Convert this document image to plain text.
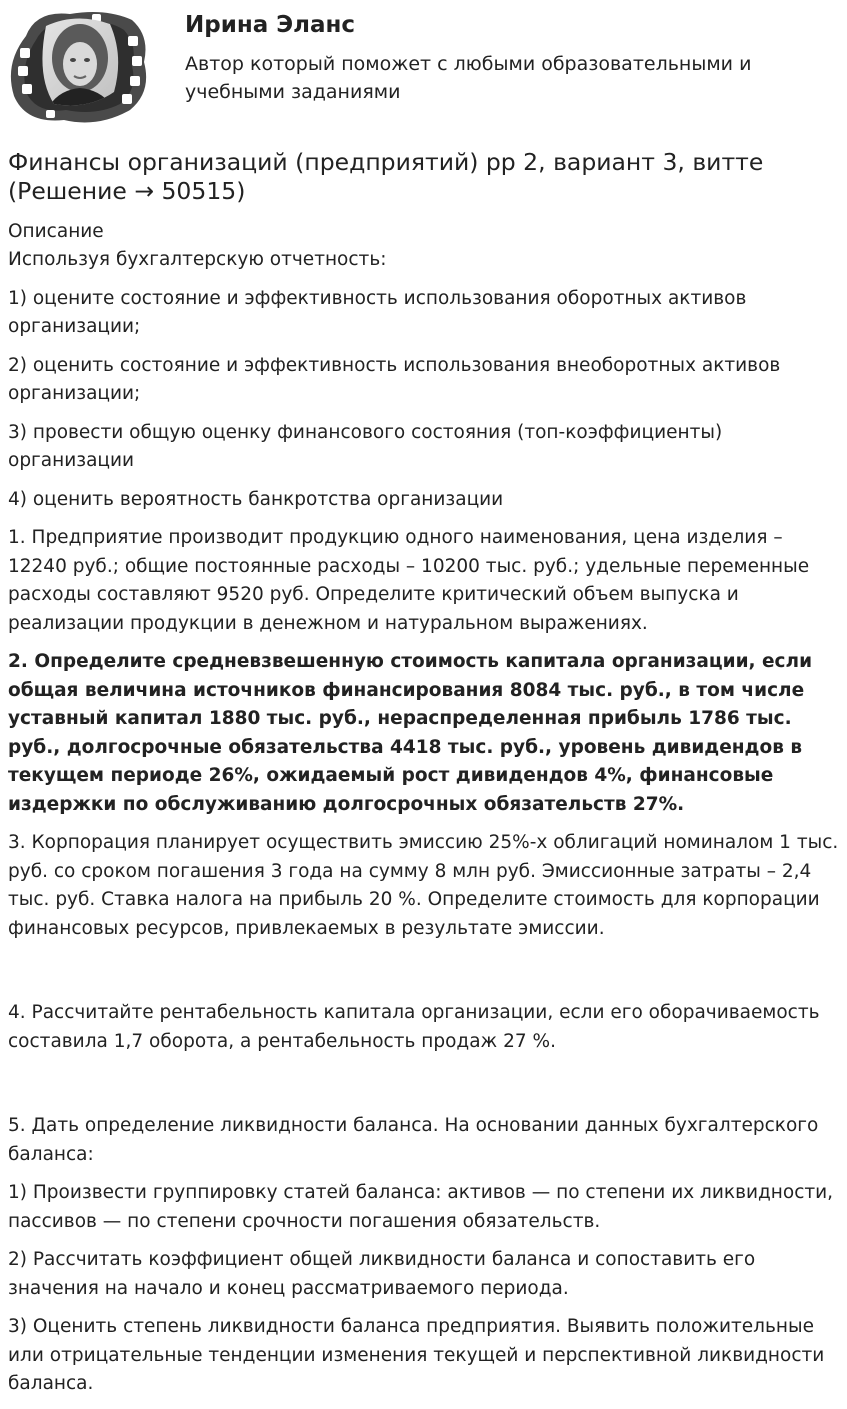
Ирина Эланс
Автор который поможет с любыми образовательными и учебными заданиями
Финансы организаций (предприятий) рр 2, вариант 3, витте (Решение → 50515)

Описание

Используя бухгалтерскую отчетность:

1) оцените состояние и эффективность использования оборотных активов организации;

2) оценить состояние и эффективность использования внеоборотных активов организации;

3) провести общую оценку финансового состояния (топ-коэффициенты) организации

4) оценить вероятность банкротства организации

1. Предприятие производит продукцию одного наименования, цена изделия – 12240 руб.; общие постоянные расходы – 10200 тыс. руб.; удельные переменные расходы составляют 9520 руб. Определите критический объем выпуска и реализации продукции в денежном и натуральном выражениях.

2. Определите средневзвешенную стоимость капитала организации, если общая величина источников финансирования 8084 тыс. руб., в том числе уставный капитал 1880 тыс. руб., нераспределенная прибыль 1786 тыс. руб., долгосрочные обязательства 4418 тыс. руб., уровень дивидендов в текущем периоде 26%, ожидаемый рост дивидендов 4%, финансовые издержки по обслуживанию долгосрочных обязательств 27%.

3. Корпорация планирует осуществить эмиссию 25%-х облигаций номиналом 1 тыс. руб. со сроком погашения 3 года на сумму 8 млн руб. Эмиссионные затраты – 2,4 тыс. руб. Ставка налога на прибыль 20 %. Определите стоимость для корпорации финансовых ресурсов, привлекаемых в результате эмиссии.

4. Рассчитайте рентабельность капитала организации, если его оборачиваемость составила 1,7 оборота, а рентабельность продаж 27 %.

5. Дать определение ликвидности баланса. На основании данных бухгалтерского баланса:

1) Произвести группировку статей баланса: активов — по степени их ликвидности, пассивов — по степени срочности погашения обязательств.

2) Рассчитать коэффициент общей ликвидности баланса и сопоставить его значения на начало и конец рассматриваемого периода.

3) Оценить степень ликвидности баланса предприятия. Выявить положительные или отрицательные тенденции изменения текущей и перспективной ликвидности баланса.
